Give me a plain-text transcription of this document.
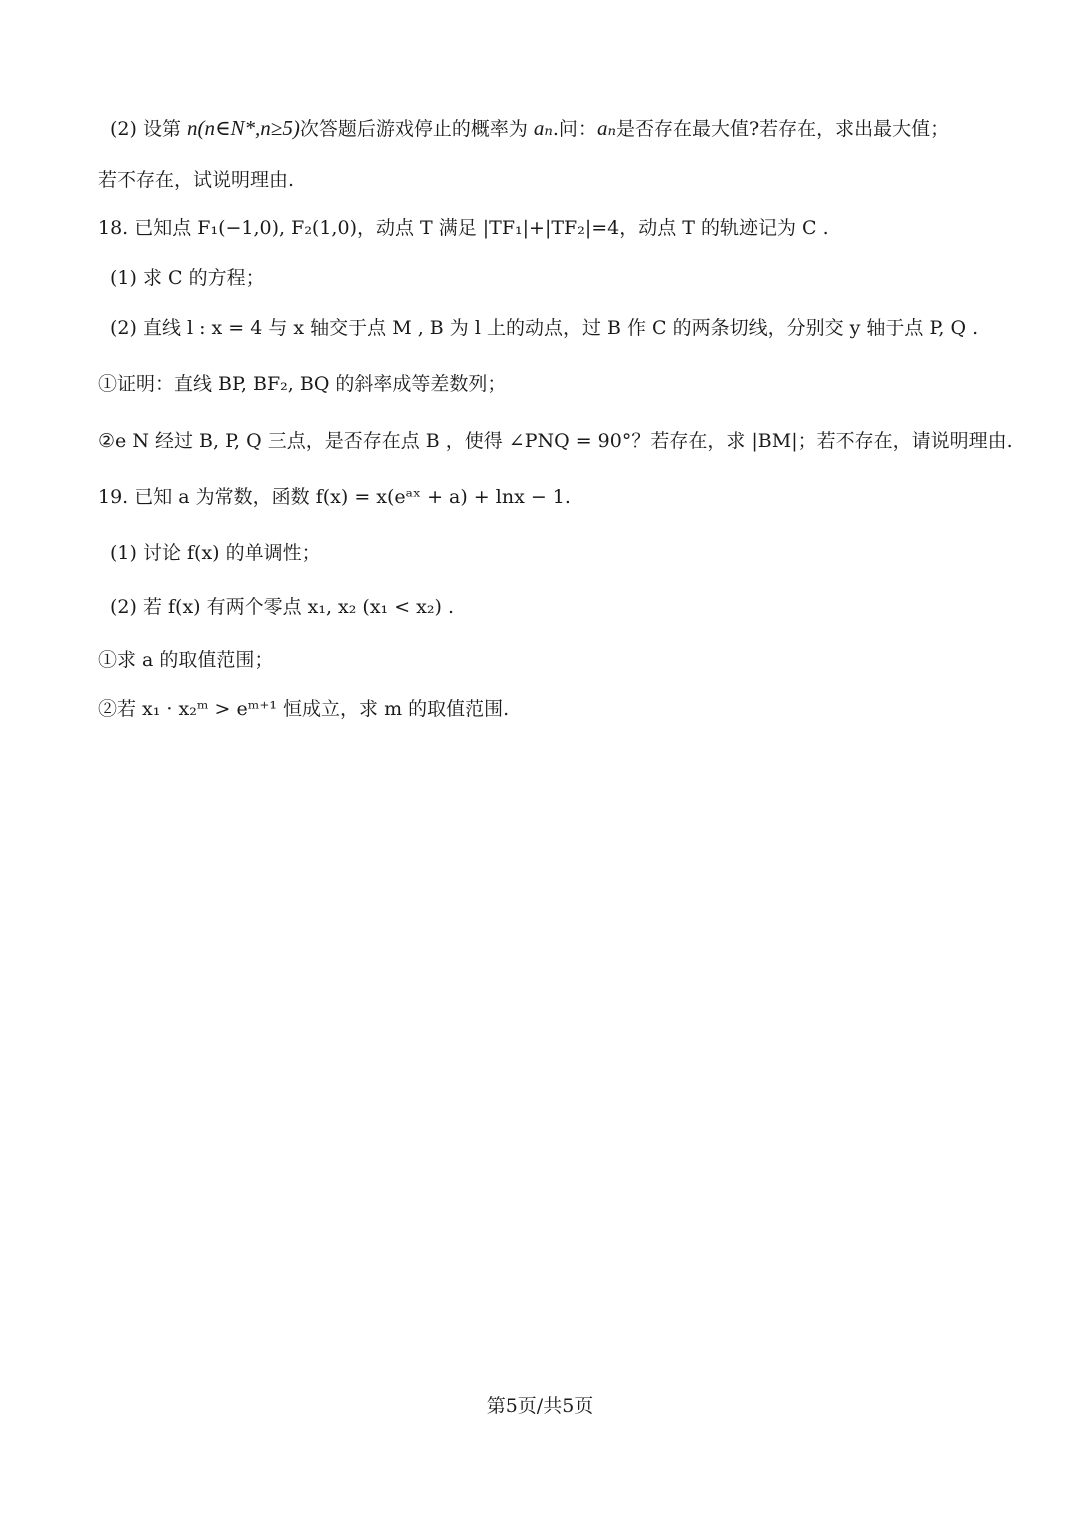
(2) 设第 n(n∈N*,n≥5)次答题后游戏停止的概率为 aₙ.问：aₙ是否存在最大值?若存在，求出最大值；
若不存在，试说明理由.
18. 已知点 F₁(−1,0), F₂(1,0)，动点 T 满足 |TF₁|+|TF₂|=4，动点 T 的轨迹记为 C .
(1) 求 C 的方程；
(2) 直线 l : x = 4 与 x 轴交于点 M , B 为 l 上的动点，过 B 作 C 的两条切线，分别交 y 轴于点 P, Q .
①证明：直线 BP, BF₂, BQ 的斜率成等差数列；
②e N 经过 B, P, Q 三点，是否存在点 B ，使得 ∠PNQ = 90°？若存在，求 |BM|；若不存在，请说明理由.
19. 已知 a 为常数，函数 f(x) = x(eᵃˣ + a) + lnx − 1.
(1) 讨论 f(x) 的单调性；
(2) 若 f(x) 有两个零点 x₁, x₂ (x₁ < x₂) .
①求 a 的取值范围；
②若 x₁ · x₂ᵐ > eᵐ⁺¹ 恒成立，求 m 的取值范围.
第5页/共5页
